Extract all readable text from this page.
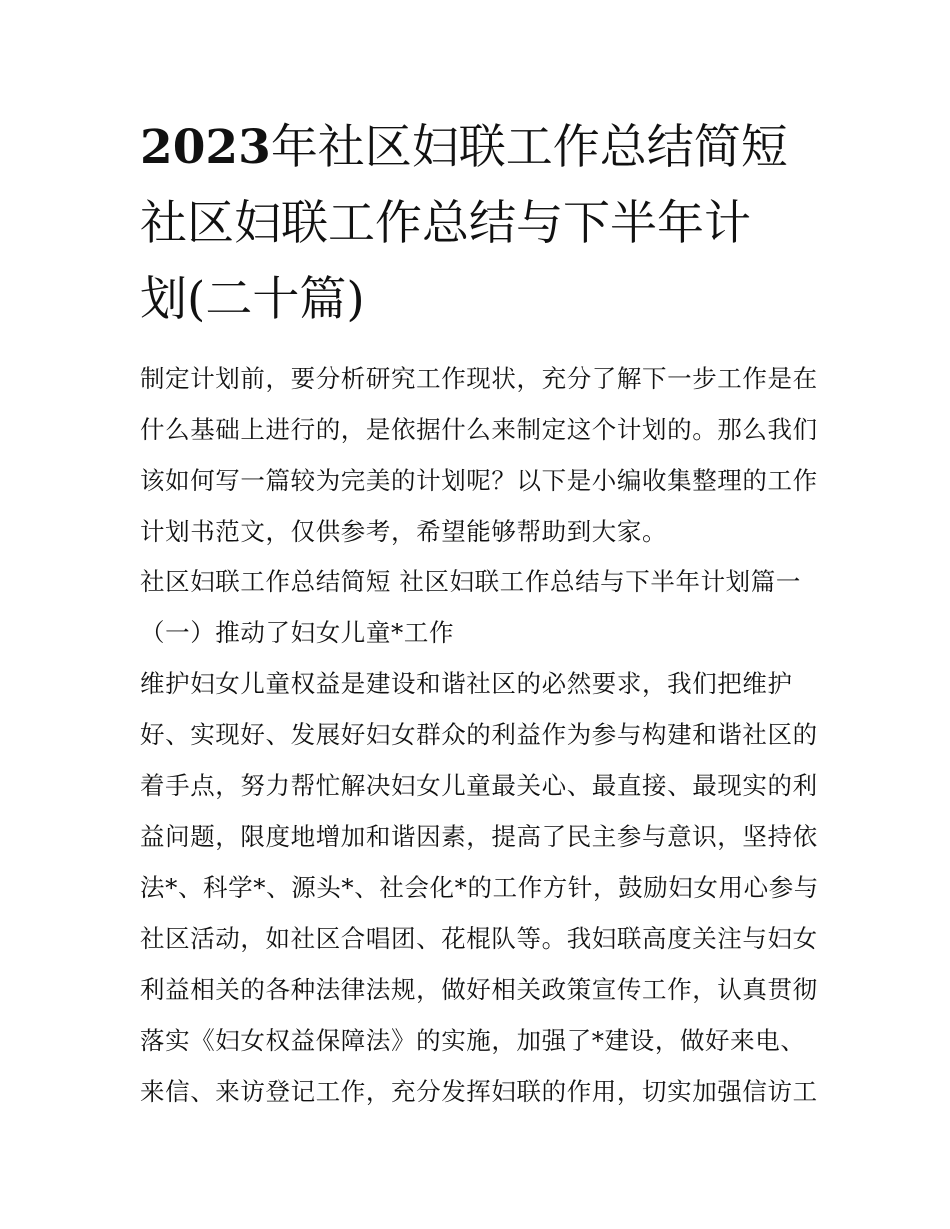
2023年社区妇联工作总结简短
社区妇联工作总结与下半年计
划(二十篇)
制定计划前，要分析研究工作现状，充分了解下一步工作是在
什么基础上进行的，是依据什么来制定这个计划的。那么我们
该如何写一篇较为完美的计划呢？以下是小编收集整理的工作
计划书范文，仅供参考，希望能够帮助到大家。
社区妇联工作总结简短 社区妇联工作总结与下半年计划篇一
（一）推动了妇女儿童*工作
维护妇女儿童权益是建设和谐社区的必然要求，我们把维护
好、实现好、发展好妇女群众的利益作为参与构建和谐社区的
着手点，努力帮忙解决妇女儿童最关心、最直接、最现实的利
益问题，限度地增加和谐因素，提高了民主参与意识，坚持依
法*、科学*、源头*、社会化*的工作方针，鼓励妇女用心参与
社区活动，如社区合唱团、花棍队等。我妇联高度关注与妇女
利益相关的各种法律法规，做好相关政策宣传工作，认真贯彻
落实《妇女权益保障法》的实施，加强了*建设，做好来电、
来信、来访登记工作，充分发挥妇联的作用，切实加强信访工
